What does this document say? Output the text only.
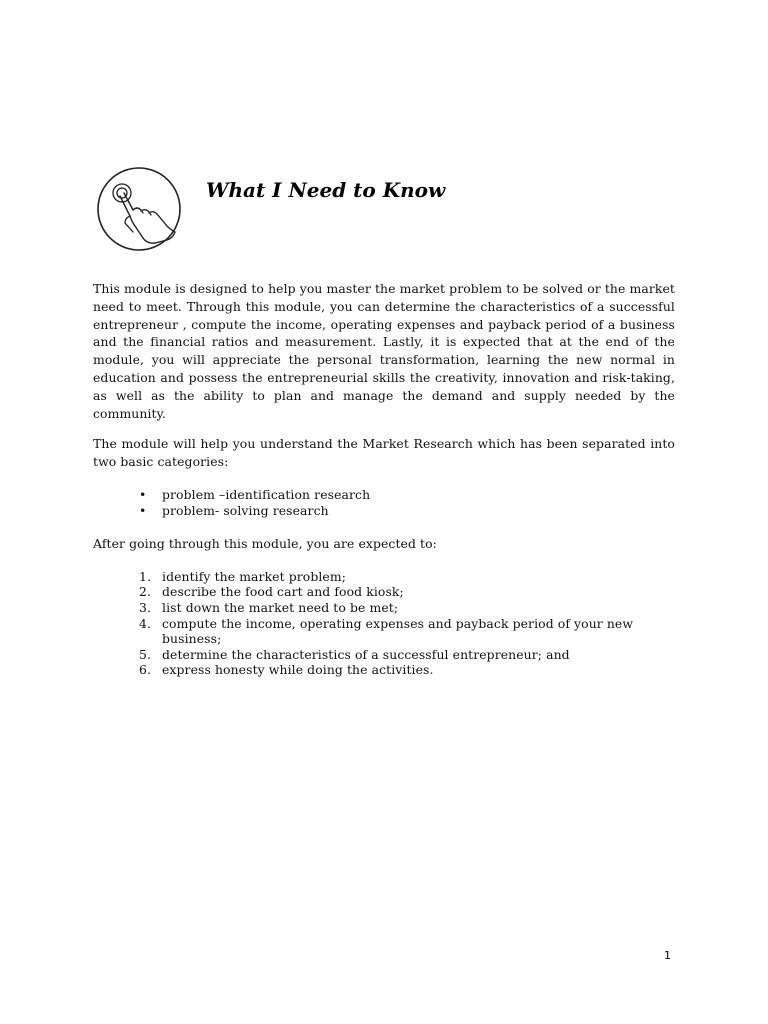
What I Need to Know

This module is designed to help you master the market problem to be solved or the market need to meet. Through this module, you can determine the characteristics of a successful entrepreneur , compute the income, operating expenses and payback period of a business and the financial ratios and measurement. Lastly, it is expected that at the end of the module, you will appreciate the personal transformation, learning the new normal in education and possess the entrepreneurial skills the creativity, innovation and risk-taking, as well as the ability to plan and manage the demand and supply needed by the community.

The module will help you understand the Market Research which has been separated into two basic categories:

• problem –identification research
• problem- solving research

After going through this module, you are expected to:

1. identify the market problem;
2. describe the food cart and food kiosk;
3. list down the market need to be met;
4. compute the income, operating expenses and payback period of your new business;
5. determine the characteristics of a successful entrepreneur; and
6. express honesty while doing the activities.
1
